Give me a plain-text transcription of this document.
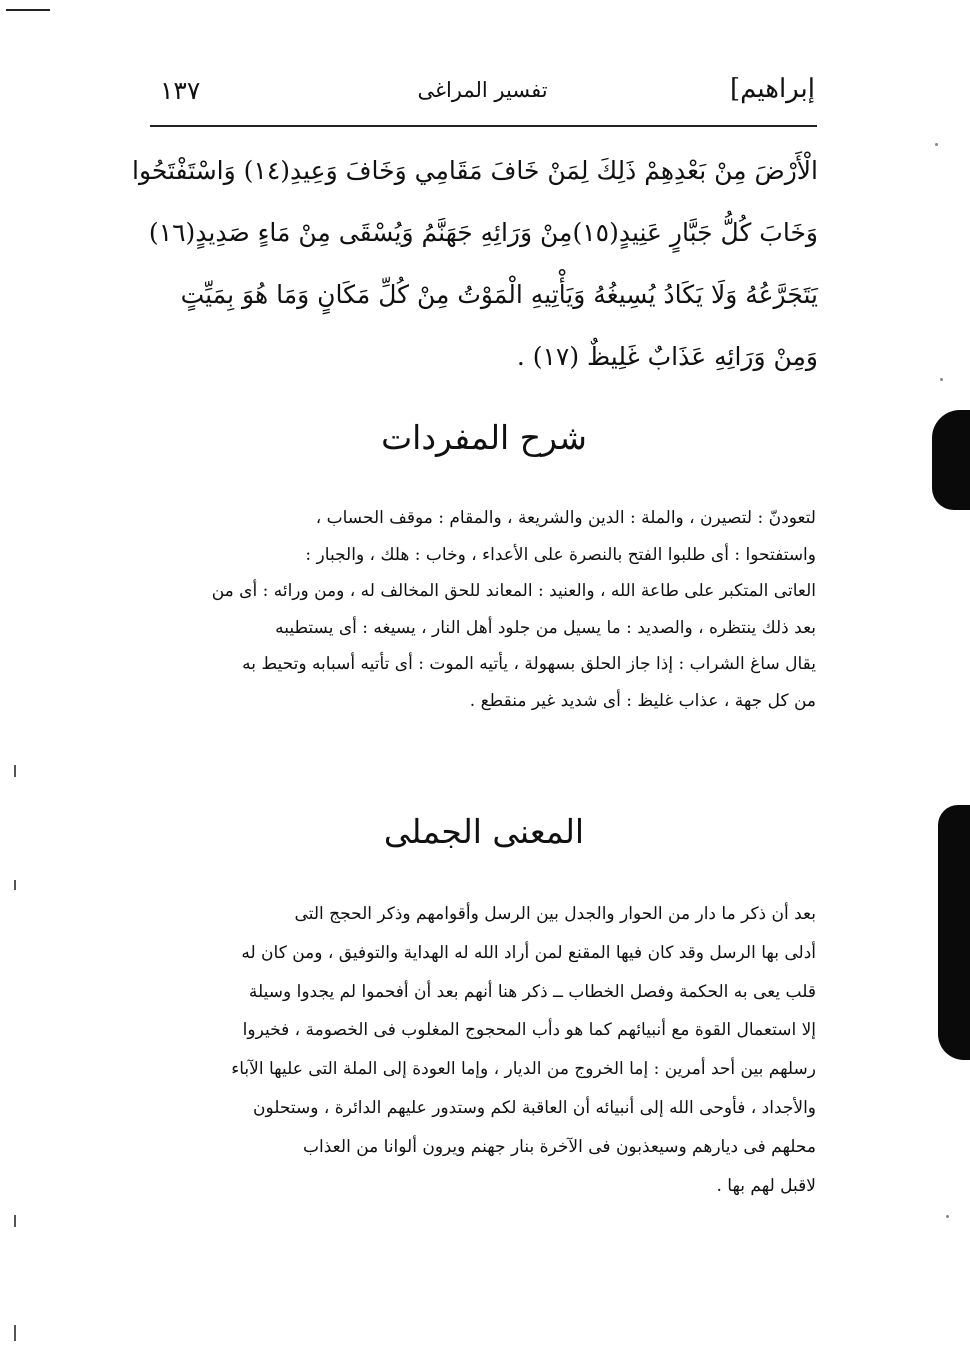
إبراهيم]
تفسير المراغى
١٣٧
الْأَرْضَ مِنْ بَعْدِهِمْ ذَلِكَ لِمَنْ خَافَ مَقَامِي وَخَافَ وَعِيدِ(١٤) وَاسْتَفْتَحُوا
وَخَابَ كُلُّ جَبَّارٍ عَنِيدٍ(١٥)مِنْ وَرَائِهِ جَهَنَّمُ وَيُسْقَى مِنْ مَاءٍ صَدِيدٍ(١٦)
يَتَجَرَّعُهُ وَلَا يَكَادُ يُسِيغُهُ وَيَأْتِيهِ الْمَوْتُ مِنْ كُلِّ مَكَانٍ وَمَا هُوَ بِمَيِّتٍ
وَمِنْ وَرَائِهِ عَذَابٌ غَلِيظٌ (١٧) .
شرح المفردات
لتعودنّ : لتصيرن ، والملة : الدين والشريعة ، والمقام : موقف الحساب ،
واستفتحوا : أى طلبوا الفتح بالنصرة على الأعداء ، وخاب : هلك ، والجبار :
العاتى المتكبر على طاعة الله ، والعنيد : المعاند للحق المخالف له ، ومن ورائه : أى من
بعد ذلك ينتظره ، والصديد : ما يسيل من جلود أهل النار ، يسيغه : أى يستطيبه
يقال ساغ الشراب : إذا جاز الحلق بسهولة ، يأتيه الموت : أى تأتيه أسبابه وتحيط به
من كل جهة ، عذاب غليظ : أى شديد غير منقطع .
المعنى الجملى
بعد أن ذكر ما دار من الحوار والجدل بين الرسل وأقوامهم وذكر الحجج التى
أدلى بها الرسل وقد كان فيها المقنع لمن أراد الله له الهداية والتوفيق ، ومن كان له
قلب يعى به الحكمة وفصل الخطاب ــ ذكر هنا أنهم بعد أن أفحموا لم يجدوا وسيلة
إلا استعمال القوة مع أنبيائهم كما هو دأب المحجوج المغلوب فى الخصومة ، فخيروا
رسلهم بين أحد أمرين : إما الخروج من الديار ، وإما العودة إلى الملة التى عليها الآباء
والأجداد ، فأوحى الله إلى أنبيائه أن العاقبة لكم وستدور عليهم الدائرة ، وستحلون
محلهم فى ديارهم وسيعذبون فى الآخرة بنار جهنم ويرون ألوانا من العذاب
لاقبل لهم بها .
